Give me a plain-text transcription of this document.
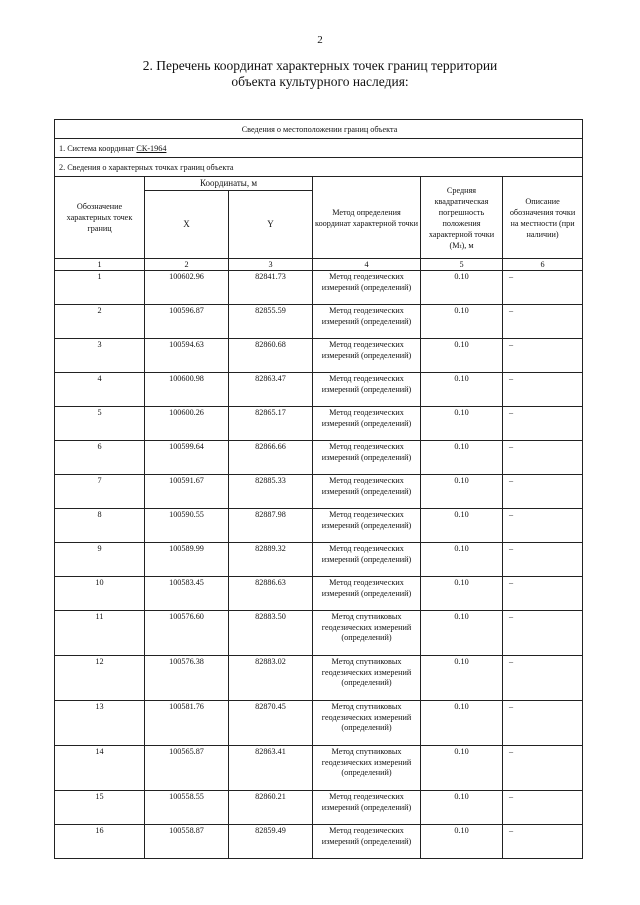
2
2. Перечень координат характерных точек границ территории
объекта культурного наследия:
Сведения о местоположении границ объекта					
1. Система координат СК-1964					
2. Сведения о характерных точках границ объекта					
Обозначение характерных точек границ	Координаты, м		Метод определения координат характерной точки	Средняя квадратическая погрешность положения характерной точки (Mₜ), м	Описание обозначения точки на местности (при наличии)
	X	Y			
1	2	3	4	5	6
1	100602.96	82841.73	Метод геодезических измерений (определений)	0.10	–
2	100596.87	82855.59	Метод геодезических измерений (определений)	0.10	–
3	100594.63	82860.68	Метод геодезических измерений (определений)	0.10	–
4	100600.98	82863.47	Метод геодезических измерений (определений)	0.10	–
5	100600.26	82865.17	Метод геодезических измерений (определений)	0.10	–
6	100599.64	82866.66	Метод геодезических измерений (определений)	0.10	–
7	100591.67	82885.33	Метод геодезических измерений (определений)	0.10	–
8	100590.55	82887.98	Метод геодезических измерений (определений)	0.10	–
9	100589.99	82889.32	Метод геодезических измерений (определений)	0.10	–
10	100583.45	82886.63	Метод геодезических измерений (определений)	0.10	–
11	100576.60	82883.50	Метод спутниковых геодезических измерений (определений)	0.10	–
12	100576.38	82883.02	Метод спутниковых геодезических измерений (определений)	0.10	–
13	100581.76	82870.45	Метод спутниковых геодезических измерений (определений)	0.10	–
14	100565.87	82863.41	Метод спутниковых геодезических измерений (определений)	0.10	–
15	100558.55	82860.21	Метод геодезических измерений (определений)	0.10	–
16	100558.87	82859.49	Метод геодезических измерений (определений)	0.10	–
